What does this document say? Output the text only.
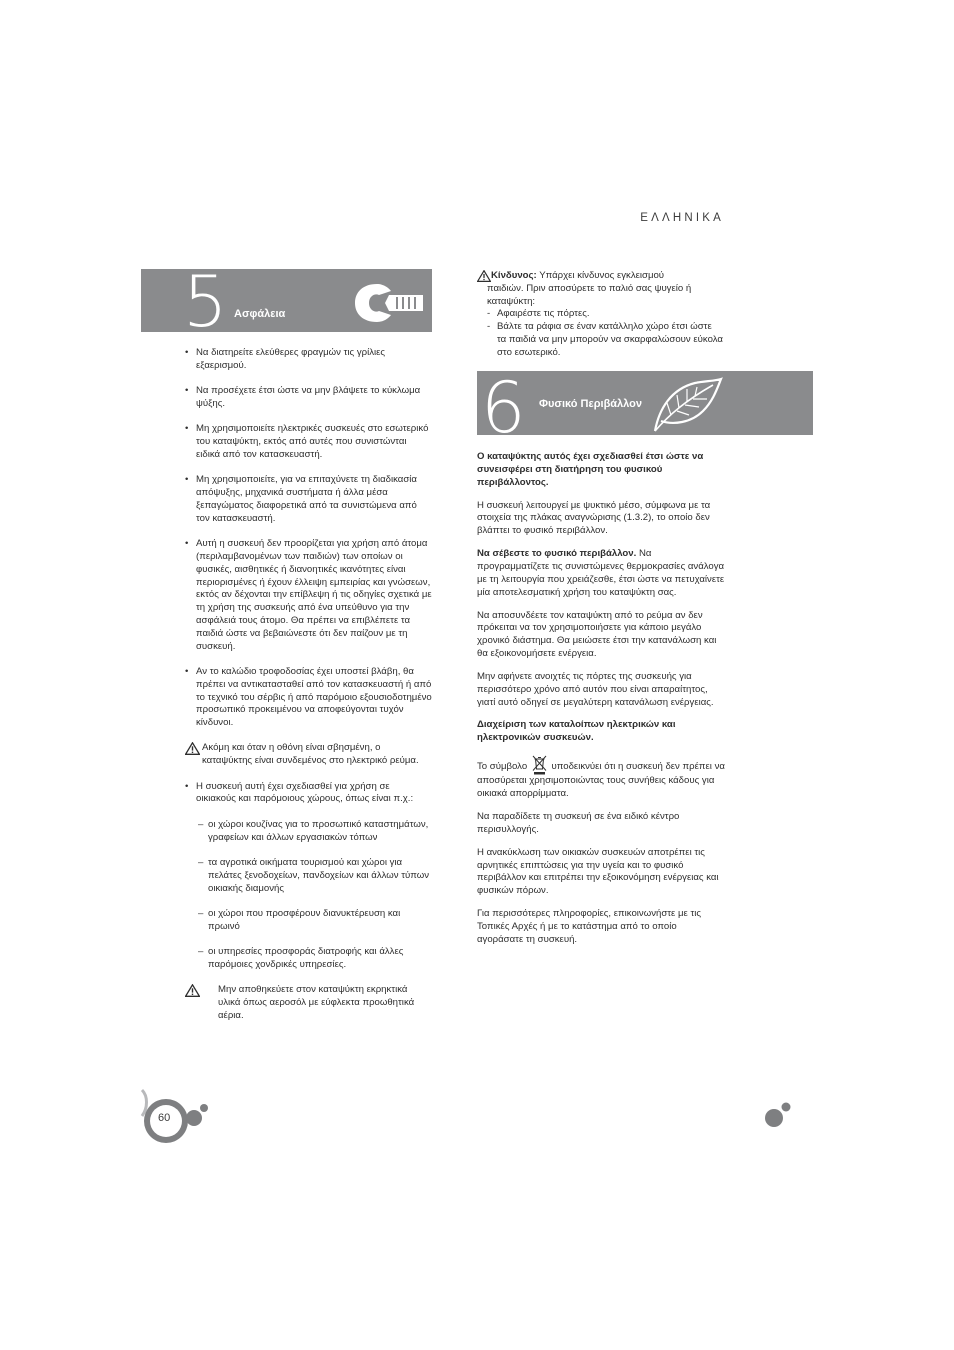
ΕΛΛΗΝΙΚΑ
5 Ασφάλεια
• Να διατηρείτε ελεύθερες φραγμών τις γρίλιες εξαερισμού.
• Να προσέχετε έτσι ώστε να μην βλάψετε το κύκλωμα ψύξης.
• Μη χρησιμοποιείτε ηλεκτρικές συσκευές στο εσωτερικό του καταψύκτη, εκτός από αυτές που συνιστώνται ειδικά από τον κατασκευαστή.
• Μη χρησιμοποιείτε, για να επιταχύνετε τη διαδικασία απόψυξης, μηχανικά συστήματα ή άλλα μέσα ξεπαγώματος διαφορετικά από τα συνιστώμενα από τον κατασκευαστή.
• Αυτή η συσκευή δεν προορίζεται για χρήση από άτομα (περιλαμβανομένων των παιδιών) των οποίων οι φυσικές, αισθητικές ή διανοητικές ικανότητες είναι περιορισμένες ή έχουν έλλειψη εμπειρίας και γνώσεων, εκτός αν δέχονται την επίβλεψη ή τις οδηγίες σχετικά με τη χρήση της συσκευής από ένα υπεύθυνο για την ασφάλειά τους άτομο. Θα πρέπει να επιβλέπετε τα παιδιά ώστε να βεβαιώνεστε ότι δεν παίζουν με τη συσκευή.
• Αν το καλώδιο τροφοδοσίας έχει υποστεί βλάβη, θα πρέπει να αντικατασταθεί από τον κατασκευαστή ή από το τεχνικό του σέρβις ή από παρόμοιο εξουσιοδοτημένο προσωπικό προκειμένου να αποφεύγονται τυχόν κίνδυνοι.
Ακόμη και όταν η οθόνη είναι σβησμένη, ο καταψύκτης είναι συνδεμένος στο ηλεκτρικό ρεύμα.
• Η συσκευή αυτή έχει σχεδιασθεί για χρήση σε οικιακούς και παρόμοιους χώρους, όπως είναι π.χ.:
– οι χώροι κουζίνας για το προσωπικό καταστημάτων, γραφείων και άλλων εργασιακών τόπων
– τα αγροτικά οικήματα τουρισμού και χώροι για πελάτες ξενοδοχείων, πανδοχείων και άλλων τύπων οικιακής διαμονής
– οι χώροι που προσφέρουν διανυκτέρευση και πρωινό
– οι υπηρεσίες προσφοράς διατροφής και άλλες παρόμοιες χονδρικές υπηρεσίες.
Μην αποθηκεύετε στον καταψύκτη εκρηκτικά υλικά όπως αεροσόλ με εύφλεκτα προωθητικά αέρια.
Κίνδυνος: Υπάρχει κίνδυνος εγκλεισμού
παιδιών. Πριν αποσύρετε το παλιό σας ψυγείο ή καταψύκτη:
- Αφαιρέστε τις πόρτες.
- Βάλτε τα ράφια σε έναν κατάλληλο χώρο έτσι ώστε τα παιδιά να μην μπορούν να σκαρφαλώσουν εύκολα στο εσωτερικό.
6 Φυσικό Περιβάλλον

Ο καταψύκτης αυτός έχει σχεδιασθεί έτσι ώστε να συνεισφέρει στη διατήρηση του φυσικού περιβάλλοντος.

Η συσκευή λειτουργεί με ψυκτικό μέσο, σύμφωνα με τα στοιχεία της πλάκας αναγνώρισης (1.3.2), το οποίο δεν βλάπτει το φυσικό περιβάλλον.

Να σέβεστε το φυσικό περιβάλλον. Να προγραμματίζετε τις συνιστώμενες θερμοκρασίες ανάλογα με τη λειτουργία που χρειάζεσθε, έτσι ώστε να πετυχαίνετε μία αποτελεσματική χρήση του καταψύκτη σας.

Να αποσυνδέετε τον καταψύκτη από το ρεύμα αν δεν πρόκειται να τον χρησιμοποιήσετε για κάποιο μεγάλο χρονικό διάστημα. Θα μειώσετε έτσι την κατανάλωση και θα εξοικονομήσετε ενέργεια.

Μην αφήνετε ανοιχτές τις πόρτες της συσκευής για περισσότερο χρόνο από αυτόν που είναι απαραίτητος, γιατί αυτό οδηγεί σε μεγαλύτερη κατανάλωση ενέργειας.

Διαχείριση των καταλοίπων ηλεκτρικών και ηλεκτρονικών συσκευών.

Το σύμβολο	υποδεικνύει ότι η συσκευή δεν πρέπει να αποσύρεται χρησιμοποιώντας τους συνήθεις κάδους για οικιακά απορρίμματα.

Να παραδίδετε τη συσκευή σε ένα ειδικό κέντρο περισυλλογής.

Η ανακύκλωση των οικιακών συσκευών αποτρέπει τις αρνητικές επιπτώσεις για την υγεία και το φυσικό περιβάλλον και επιτρέπει την εξοικονόμηση ενέργειας και φυσικών πόρων.

Για περισσότερες πληροφορίες, επικοινωνήστε με τις Τοπικές Αρχές ή με το κατάστημα από το οποίο αγοράσατε τη συσκευή.

60
